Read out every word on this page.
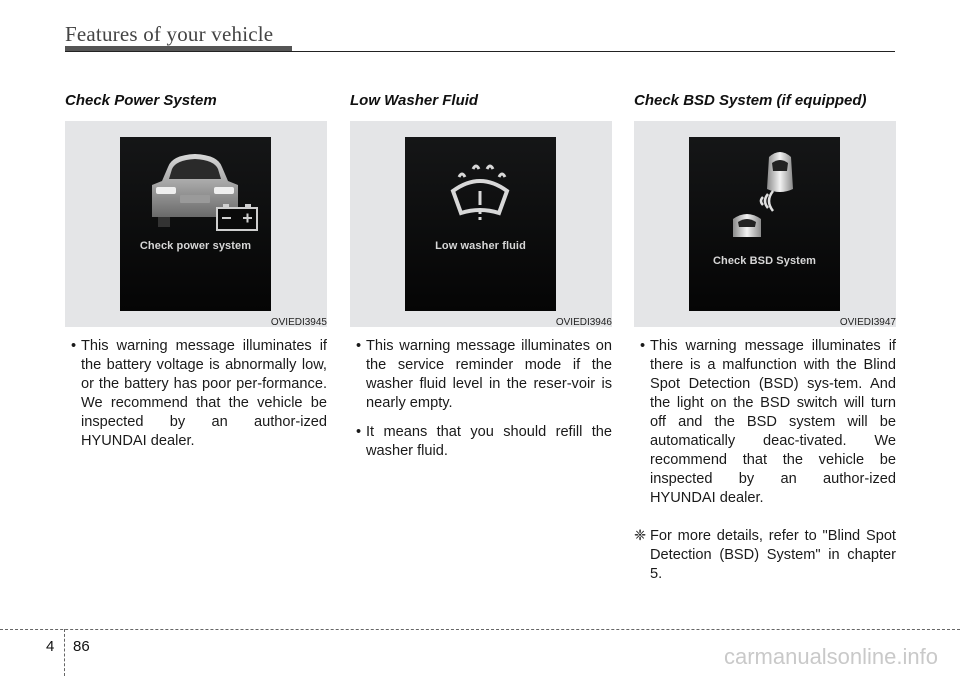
Features of your vehicle
Check Power System
Check power system
OVIEDI3945

• This warning message illuminates if the battery voltage is abnormally low, or the battery has poor per-formance. We recommend that the vehicle be inspected by an author-ized HYUNDAI dealer.

Low Washer Fluid
Low washer fluid
OVIEDI3946

• This warning message illuminates on the service reminder mode if the washer fluid level in the reser-voir is nearly empty.

• It means that you should refill the washer fluid.

Check BSD System (if equipped)
Check BSD System
OVIEDI3947

• This warning message illuminates if there is a malfunction with the Blind Spot Detection (BSD) sys-tem. And the light on the BSD switch will turn off and the BSD system will be automatically deac-tivated. We recommend that the vehicle be inspected by an author-ized HYUNDAI dealer.

❈ For more details, refer to "Blind Spot Detection (BSD) System" in chapter 5.

4 86	carmanualsonline.info
